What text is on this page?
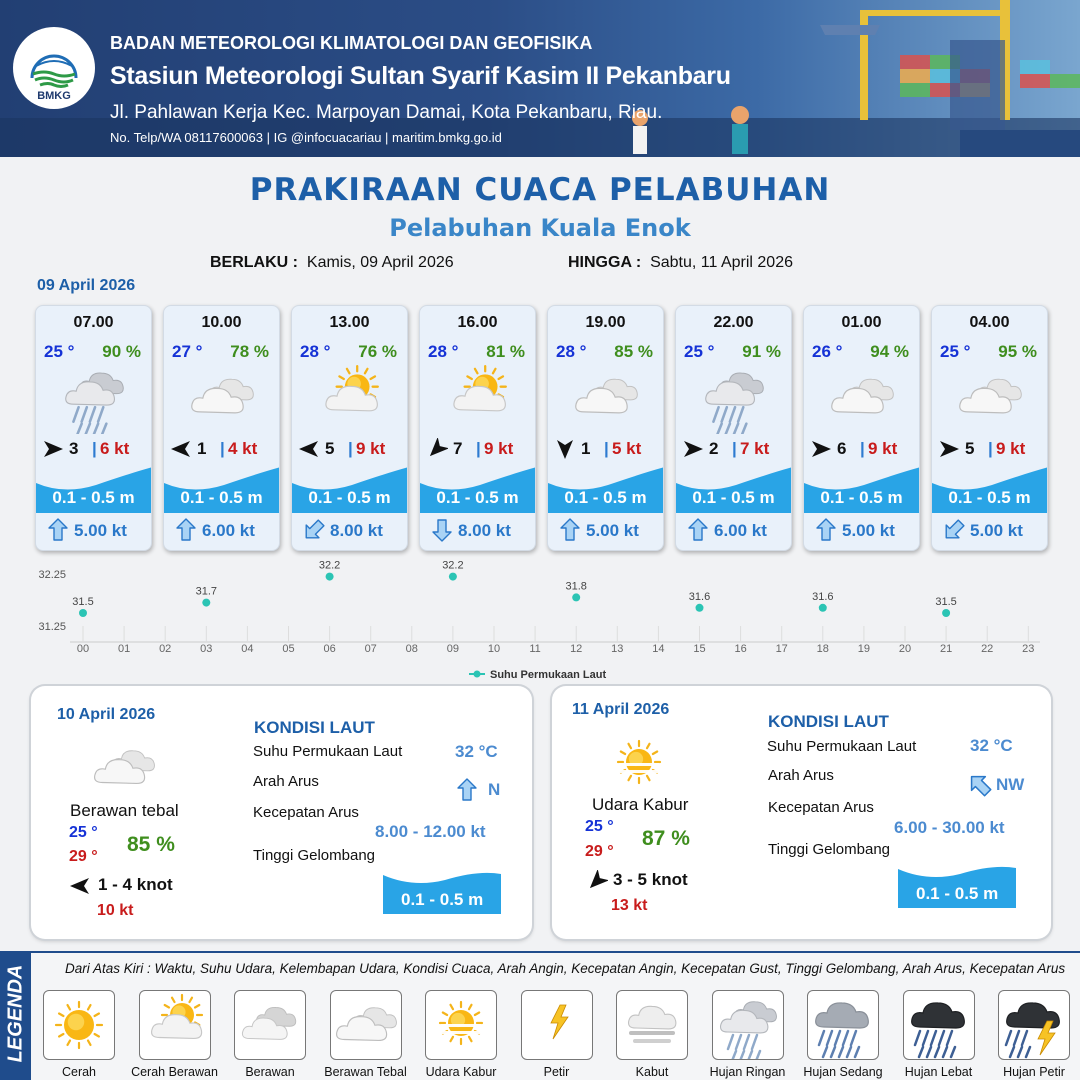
BMKG
BADAN METEOROLOGI KLIMATOLOGI DAN GEOFISIKA
Stasiun Meteorologi Sultan Syarif Kasim II Pekanbaru
Jl. Pahlawan Kerja Kec. Marpoyan Damai, Kota Pekanbaru, Riau.
No. Telp/WA 08117600063 | IG @infocuacariau | maritim.bmkg.go.id
PRAKIRAAN CUACA PELABUHAN
Pelabuhan Kuala Enok
BERLAKU : Kamis, 09 April 2026	HINGGA : Sabtu, 11 April 2026
09 April 2026
07.00
25 ° 90 %
3 | 6 kt
0.1 - 0.5 m
5.00 kt
10.00
27 ° 78 %
1 | 4 kt
0.1 - 0.5 m
6.00 kt
13.00
28 ° 76 %
5 | 9 kt
0.1 - 0.5 m
8.00 kt
16.00
28 ° 81 %
7 | 9 kt
0.1 - 0.5 m
8.00 kt
19.00
28 ° 85 %
1 | 5 kt
0.1 - 0.5 m
5.00 kt
22.00
25 ° 91 %
2 | 7 kt
0.1 - 0.5 m
6.00 kt
01.00
26 ° 94 %
6 | 9 kt
0.1 - 0.5 m
5.00 kt
04.00
25 ° 95 %
5 | 9 kt
0.1 - 0.5 m
5.00 kt
00	01	02	03	04	05	06	07	08	09	10	11	12	13	14	15	16	17	18	19	20	21	22	23
32.25
31.25
31.5
31.7
32.2	32.2
31.8
31.6	31.6	31.5
Suhu Permukaan Laut
10 April 2026
Berawan tebal
25 °
29 °
85 %
1 - 4 knot
10 kt
KONDISI LAUT
Suhu Permukaan Laut	32 °C
Arah Arus	N
Kecepatan Arus
8.00 - 12.00 kt
Tinggi Gelombang
0.1 - 0.5 m
11 April 2026
Udara Kabur
25 °
29 °
87 %
3 - 5 knot
13 kt
KONDISI LAUT
Suhu Permukaan Laut	32 °C
Arah Arus	NW
Kecepatan Arus
6.00 - 30.00 kt
Tinggi Gelombang
0.1 - 0.5 m
LEGENDA	Dari Atas Kiri : Waktu, Suhu Udara, Kelembapan Udara, Kondisi Cuaca, Arah Angin, Kecepatan Angin, Kecepatan Gust, Tinggi Gelombang, Arah Arus, Kecepatan Arus
Cerah	Cerah Berawan	Berawan	Berawan Tebal	Udara Kabur	Petir	Kabut	Hujan Ringan	Hujan Sedang	Hujan Lebat	Hujan Petir
